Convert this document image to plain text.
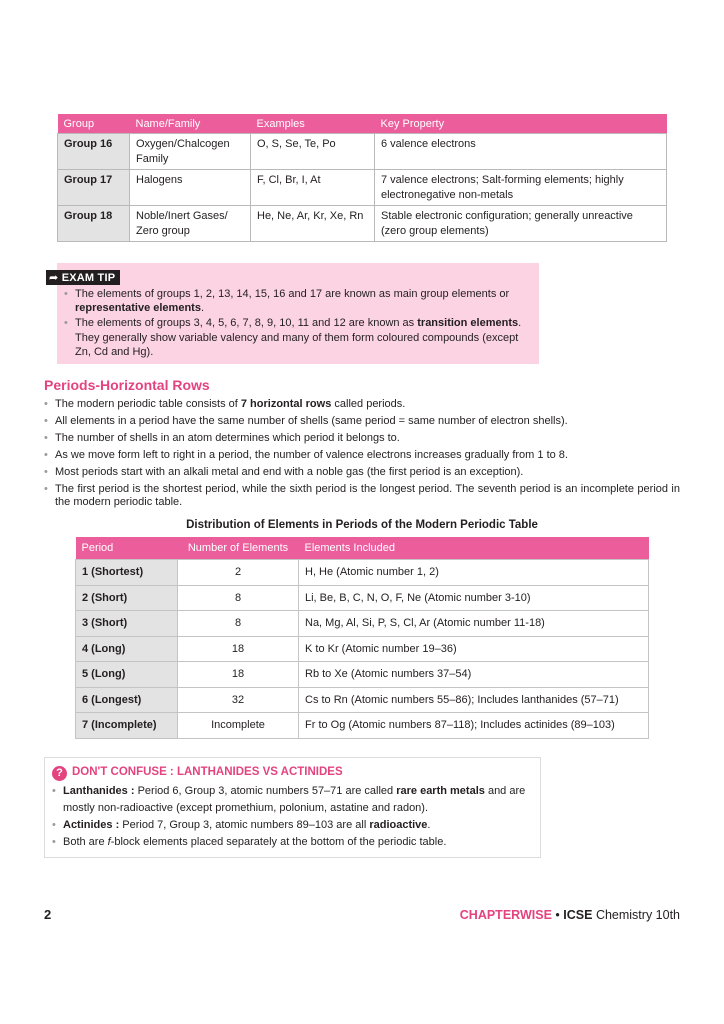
Group	Name/Family	Examples	Key Property
Group 16	Oxygen/Chalcogen Family	O, S, Se, Te, Po	6 valence electrons
Group 17	Halogens	F, Cl, Br, I, At	7 valence electrons; Salt-forming elements; highly electronegative non-metals
Group 18	Noble/Inert Gases/ Zero group	He, Ne, Ar, Kr, Xe, Rn	Stable electronic configuration; generally unreactive (zero group elements)
➦ EXAM TIP
• The elements of groups 1, 2, 13, 14, 15, 16 and 17 are known as main group elements or representative elements.
• The elements of groups 3, 4, 5, 6, 7, 8, 9, 10, 11 and 12 are known as transition elements. They generally show variable valency and many of them form coloured compounds (except Zn, Cd and Hg).
Periods-Horizontal Rows
• The modern periodic table consists of 7 horizontal rows called periods.
• All elements in a period have the same number of shells (same period = same number of electron shells).
• The number of shells in an atom determines which period it belongs to.
• As we move form left to right in a period, the number of valence electrons increases gradually from 1 to 8.
• Most periods start with an alkali metal and end with a noble gas (the first period is an exception).
• The first period is the shortest period, while the sixth period is the longest period. The seventh period is an incomplete period in the modern periodic table.
Distribution of Elements in Periods of the Modern Periodic Table
Period	Number of Elements	Elements Included
1 (Shortest)	2	H, He (Atomic number 1, 2)
2 (Short)	8	Li, Be, B, C, N, O, F, Ne (Atomic number 3-10)
3 (Short)	8	Na, Mg, Al, Si, P, S, Cl, Ar (Atomic number 11-18)
4 (Long)	18	K to Kr (Atomic number 19–36)
5 (Long)	18	Rb to Xe (Atomic numbers 37–54)
6 (Longest)	32	Cs to Rn (Atomic numbers 55–86); Includes lanthanides (57–71)
7 (Incomplete)	Incomplete	Fr to Og (Atomic numbers 87–118); Includes actinides (89–103)
? DON'T CONFUSE : LANTHANIDES VS ACTINIDES
• Lanthanides : Period 6, Group 3, atomic numbers 57–71 are called rare earth metals and are mostly non-radioactive (except promethium, polonium, astatine and radon).
• Actinides : Period 7, Group 3, atomic numbers 89–103 are all radioactive.
• Both are f-block elements placed separately at the bottom of the periodic table.
2	CHAPTERWISE • ICSE Chemistry 10th
